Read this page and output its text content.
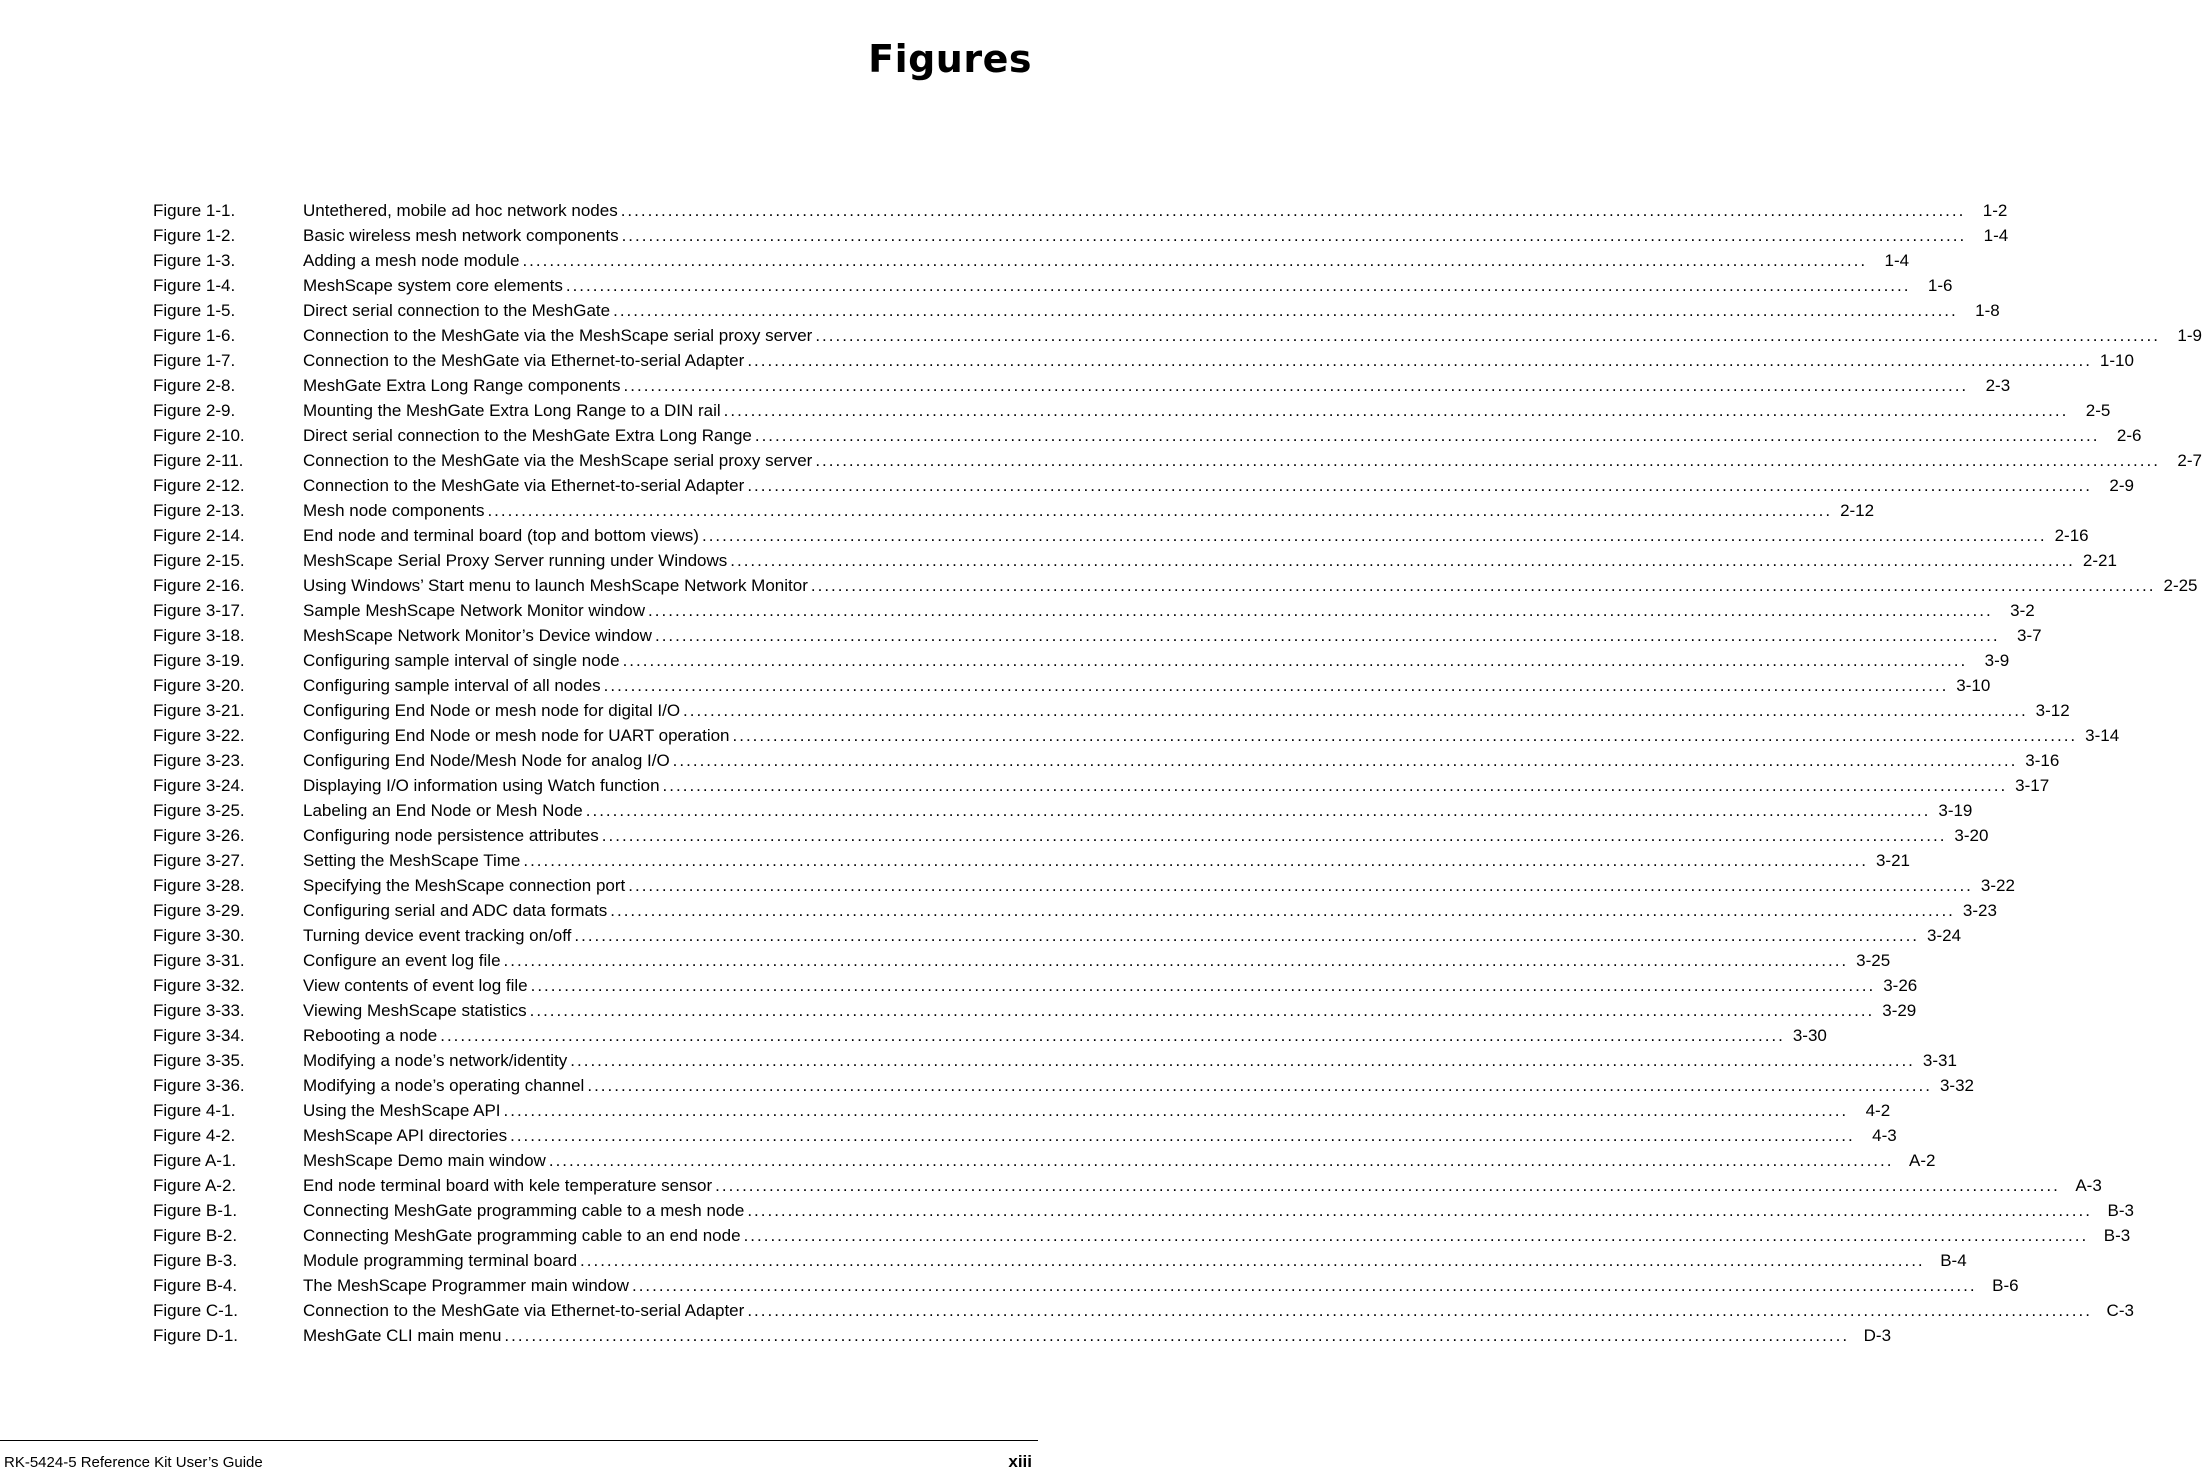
Figures
Figure 1-1.	Untethered, mobile ad hoc network nodes .....	1-2
Figure 1-2.	Basic wireless mesh network components .....	1-4
Figure 1-3.	Adding a mesh node module .....	1-4
Figure 1-4.	MeshScape system core elements .....	1-6
Figure 1-5.	Direct serial connection to the MeshGate .....	1-8
Figure 1-6.	Connection to the MeshGate via the MeshScape serial proxy server .....	1-9
Figure 1-7.	Connection to the MeshGate via Ethernet-to-serial Adapter .....	1-10
Figure 2-8.	MeshGate Extra Long Range components .....	2-3
Figure 2-9.	Mounting the MeshGate Extra Long Range to a DIN rail .....	2-5
Figure 2-10.	Direct serial connection to the MeshGate Extra Long Range .....	2-6
Figure 2-11.	Connection to the MeshGate via the MeshScape serial proxy server .....	2-7
Figure 2-12.	Connection to the MeshGate via Ethernet-to-serial Adapter .....	2-9
Figure 2-13.	Mesh node components .....	2-12
Figure 2-14.	End node and terminal board (top and bottom views) .....	2-16
Figure 2-15.	MeshScape Serial Proxy Server running under Windows .....	2-21
Figure 2-16.	Using Windows’ Start menu to launch MeshScape Network Monitor .....	2-25
Figure 3-17.	Sample MeshScape Network Monitor window .....	3-2
Figure 3-18.	MeshScape Network Monitor’s Device window .....	3-7
Figure 3-19.	Configuring sample interval of single node .....	3-9
Figure 3-20.	Configuring sample interval of all nodes .....	3-10
Figure 3-21.	Configuring End Node or mesh node for digital I/O .....	3-12
Figure 3-22.	Configuring End Node or mesh node for UART operation .....	3-14
Figure 3-23.	Configuring End Node/Mesh Node for analog I/O .....	3-16
Figure 3-24.	Displaying I/O information using Watch function .....	3-17
Figure 3-25.	Labeling an End Node or Mesh Node .....	3-19
Figure 3-26.	Configuring node persistence attributes .....	3-20
Figure 3-27.	Setting the MeshScape Time .....	3-21
Figure 3-28.	Specifying the MeshScape connection port .....	3-22
Figure 3-29.	Configuring serial and ADC data formats .....	3-23
Figure 3-30.	Turning device event tracking on/off .....	3-24
Figure 3-31.	Configure an event log file .....	3-25
Figure 3-32.	View contents of event log file .....	3-26
Figure 3-33.	Viewing MeshScape statistics .....	3-29
Figure 3-34.	Rebooting a node .....	3-30
Figure 3-35.	Modifying a node’s network/identity .....	3-31
Figure 3-36.	Modifying a node’s operating channel .....	3-32
Figure 4-1.	Using the MeshScape API .....	4-2
Figure 4-2.	MeshScape API directories .....	4-3
Figure A-1.	MeshScape Demo main window .....	A-2
Figure A-2.	End node terminal board with kele temperature sensor .....	A-3
Figure B-1.	Connecting MeshGate programming cable to a mesh node .....	B-3
Figure B-2.	Connecting MeshGate programming cable to an end node .....	B-3
Figure B-3.	Module programming terminal board .....	B-4
Figure B-4.	The MeshScape Programmer main window .....	B-6
Figure C-1.	Connection to the MeshGate via Ethernet-to-serial Adapter .....	C-3
Figure D-1.	MeshGate CLI main menu .....	D-3
RK-5424-5 Reference Kit User’s Guide	xiii
